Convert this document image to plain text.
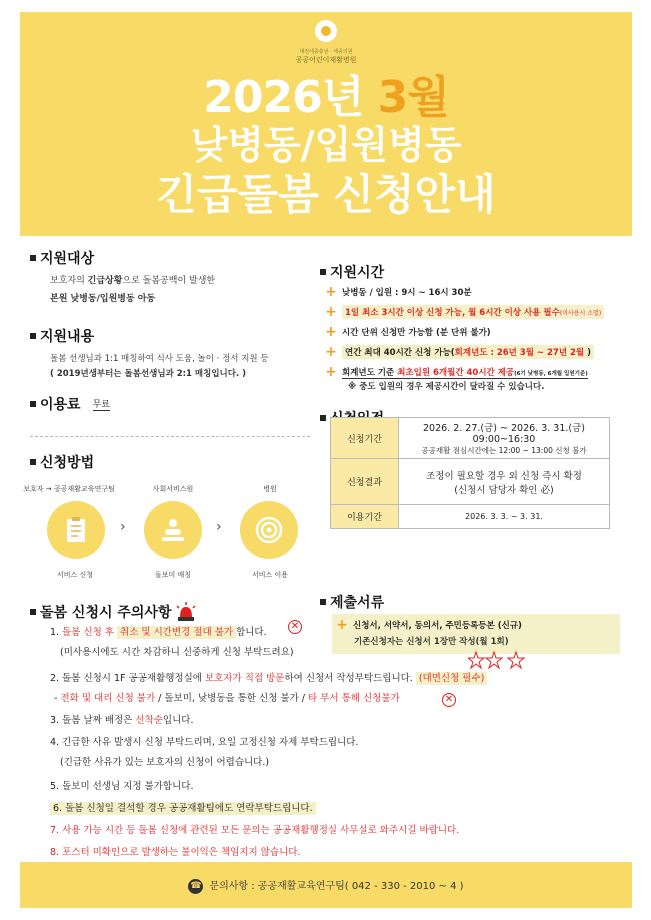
대전세종충남 · 세종의원
공공어린이재활병원
2026년 3월
낮병동/입원병동
긴급돌봄 신청안내
지원대상
보호자의 긴급상황으로 돌봄공백이 발생한
본원 낮병동/입원병동 아동
지원내용
돌봄 선생님과 1:1 매칭하여 식사 도움, 놀이 · 정서 지원 등
( 2019년생부터는 돌봄선생님과 2:1 매칭입니다. )
이용료 무료
신청방법
보호자 → 공공재활교육연구팀	사회서비스원	병원
›	›
서비스 신청	돌보미 매칭	서비스 이용
지원시간
+ 낮병동 / 입원 : 9시 ~ 16시 30분
+ 1일 최소 3시간 이상 신청 가능, 월 6시간 이상 사용 필수(미사용시 소멸)
+ 시간 단위 신청만 가능함 (분 단위 불가)
+ 연간 최대 40시간 신청 가능(회계년도 : 26년 3월 ~ 27년 2월 )
+ 회계년도 기준 최초입원 6개월간 40시간 제공(6기 낮병동, 6개월 입원기준)
※ 중도 입원의 경우 제공시간이 달라질 수 있습니다.
신청기간	2026. 2. 27.(금) ~ 2026. 3. 31.(금)
09:00~16:30
공공재활 점심시간에는 12:00 ~ 13:00 신청 불가

신청결과	조정이 필요할 경우 외 신청 즉시 확정
(신청시 담당자 확인 必)

이용기간	2026. 3. 3. ~ 3. 31.
제출서류
+ 신청서, 서약서, 동의서, 주민등록등본 (신규)
기존신청자는 신청서 1장만 작성(월 1회)
돌봄 신청시 주의사항
1. 돌봄 신청 후 취소 및 시간변경 절대 불가 합니다.
✕
(미사용시에도 시간 차감하니 신중하게 신청 부탁드려요)
2. 돌봄 신청시 1F 공공재활행정실에 보호자가 직접 방문하여 신청서 작성부탁드립니다. (대면신청 필수)
- 전화 및 대리 신청 불가 / 돌보미, 낮병동을 통한 신청 불가 / 타 부서 통해 신청불가	✕
3. 돌봄 날짜 배정은 선착순입니다.
4. 긴급한 사유 발생시 신청 부탁드리며, 요일 고정신청 자제 부탁드립니다.
(긴급한 사유가 있는 보호자의 신청이 어렵습니다.)
5. 돌보미 선생님 지정 불가합니다.
6. 돌봄 신청일 결석할 경우 공공재활팀에도 연락부탁드립니다.
7. 사용 가능 시간 등 돌봄 신청에 관련된 모든 문의는 공공재활행정실 사무실로 와주시길 바랍니다.
8. 포스터 미확인으로 발생하는 불이익은 책임지지 않습니다.
☎ 문의사항 : 공공재활교육연구팀( 042 - 330 - 2010 ~ 4 )
